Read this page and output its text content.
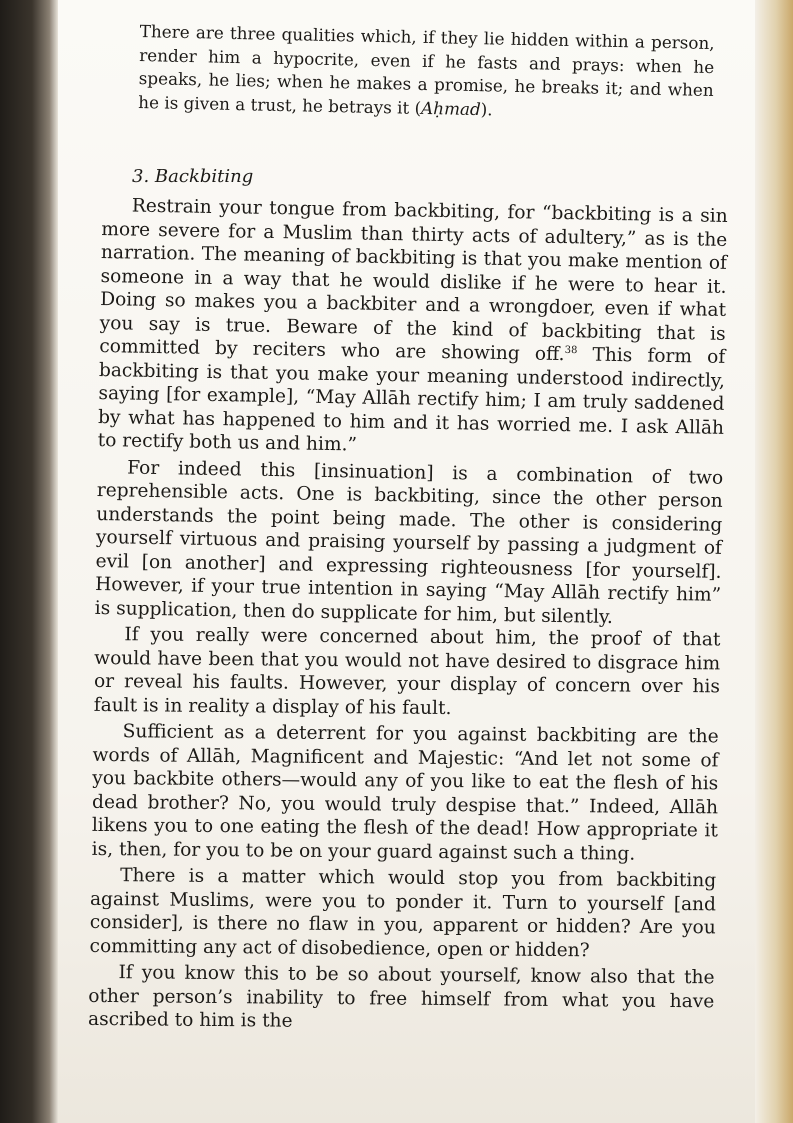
There are three qualities which, if they lie hidden within a person, render him a hypocrite, even if he fasts and prays: when he speaks, he lies; when he makes a promise, he breaks it; and when he is given a trust, he betrays it (Aḥmad).

3. Backbiting

Restrain your tongue from backbiting, for “backbiting is a sin more severe for a Muslim than thirty acts of adultery,” as is the narration. The meaning of backbiting is that you make mention of someone in a way that he would dislike if he were to hear it. Doing so makes you a backbiter and a wrongdoer, even if what you say is true. Beware of the kind of backbiting that is committed by reciters who are showing off.$^{38}$ This form of backbiting is that you make your meaning understood indirectly, saying [for example], “May Allāh rectify him; I am truly saddened by what has happened to him and it has worried me. I ask Allāh to rectify both us and him.”

For indeed this [insinuation] is a combination of two reprehensible acts. One is backbiting, since the other person understands the point being made. The other is considering yourself virtuous and praising yourself by passing a judgment of evil [on another] and expressing righteousness [for yourself]. However, if your true intention in saying “May Allāh rectify him” is supplication, then do supplicate for him, but silently.

If you really were concerned about him, the proof of that would have been that you would not have desired to disgrace him or reveal his faults. However, your display of concern over his fault is in reality a display of his fault.

Sufficient as a deterrent for you against backbiting are the words of Allāh, Magnificent and Majestic: “And let not some of you backbite others—would any of you like to eat the flesh of his dead brother? No, you would truly despise that.” Indeed, Allāh likens you to one eating the flesh of the dead! How appropriate it is, then, for you to be on your guard against such a thing.

There is a matter which would stop you from backbiting against Muslims, were you to ponder it. Turn to yourself [and consider], is there no flaw in you, apparent or hidden? Are you committing any act of disobedience, open or hidden?

If you know this to be so about yourself, know also that the other person’s inability to free himself from what you have ascribed to him is the
